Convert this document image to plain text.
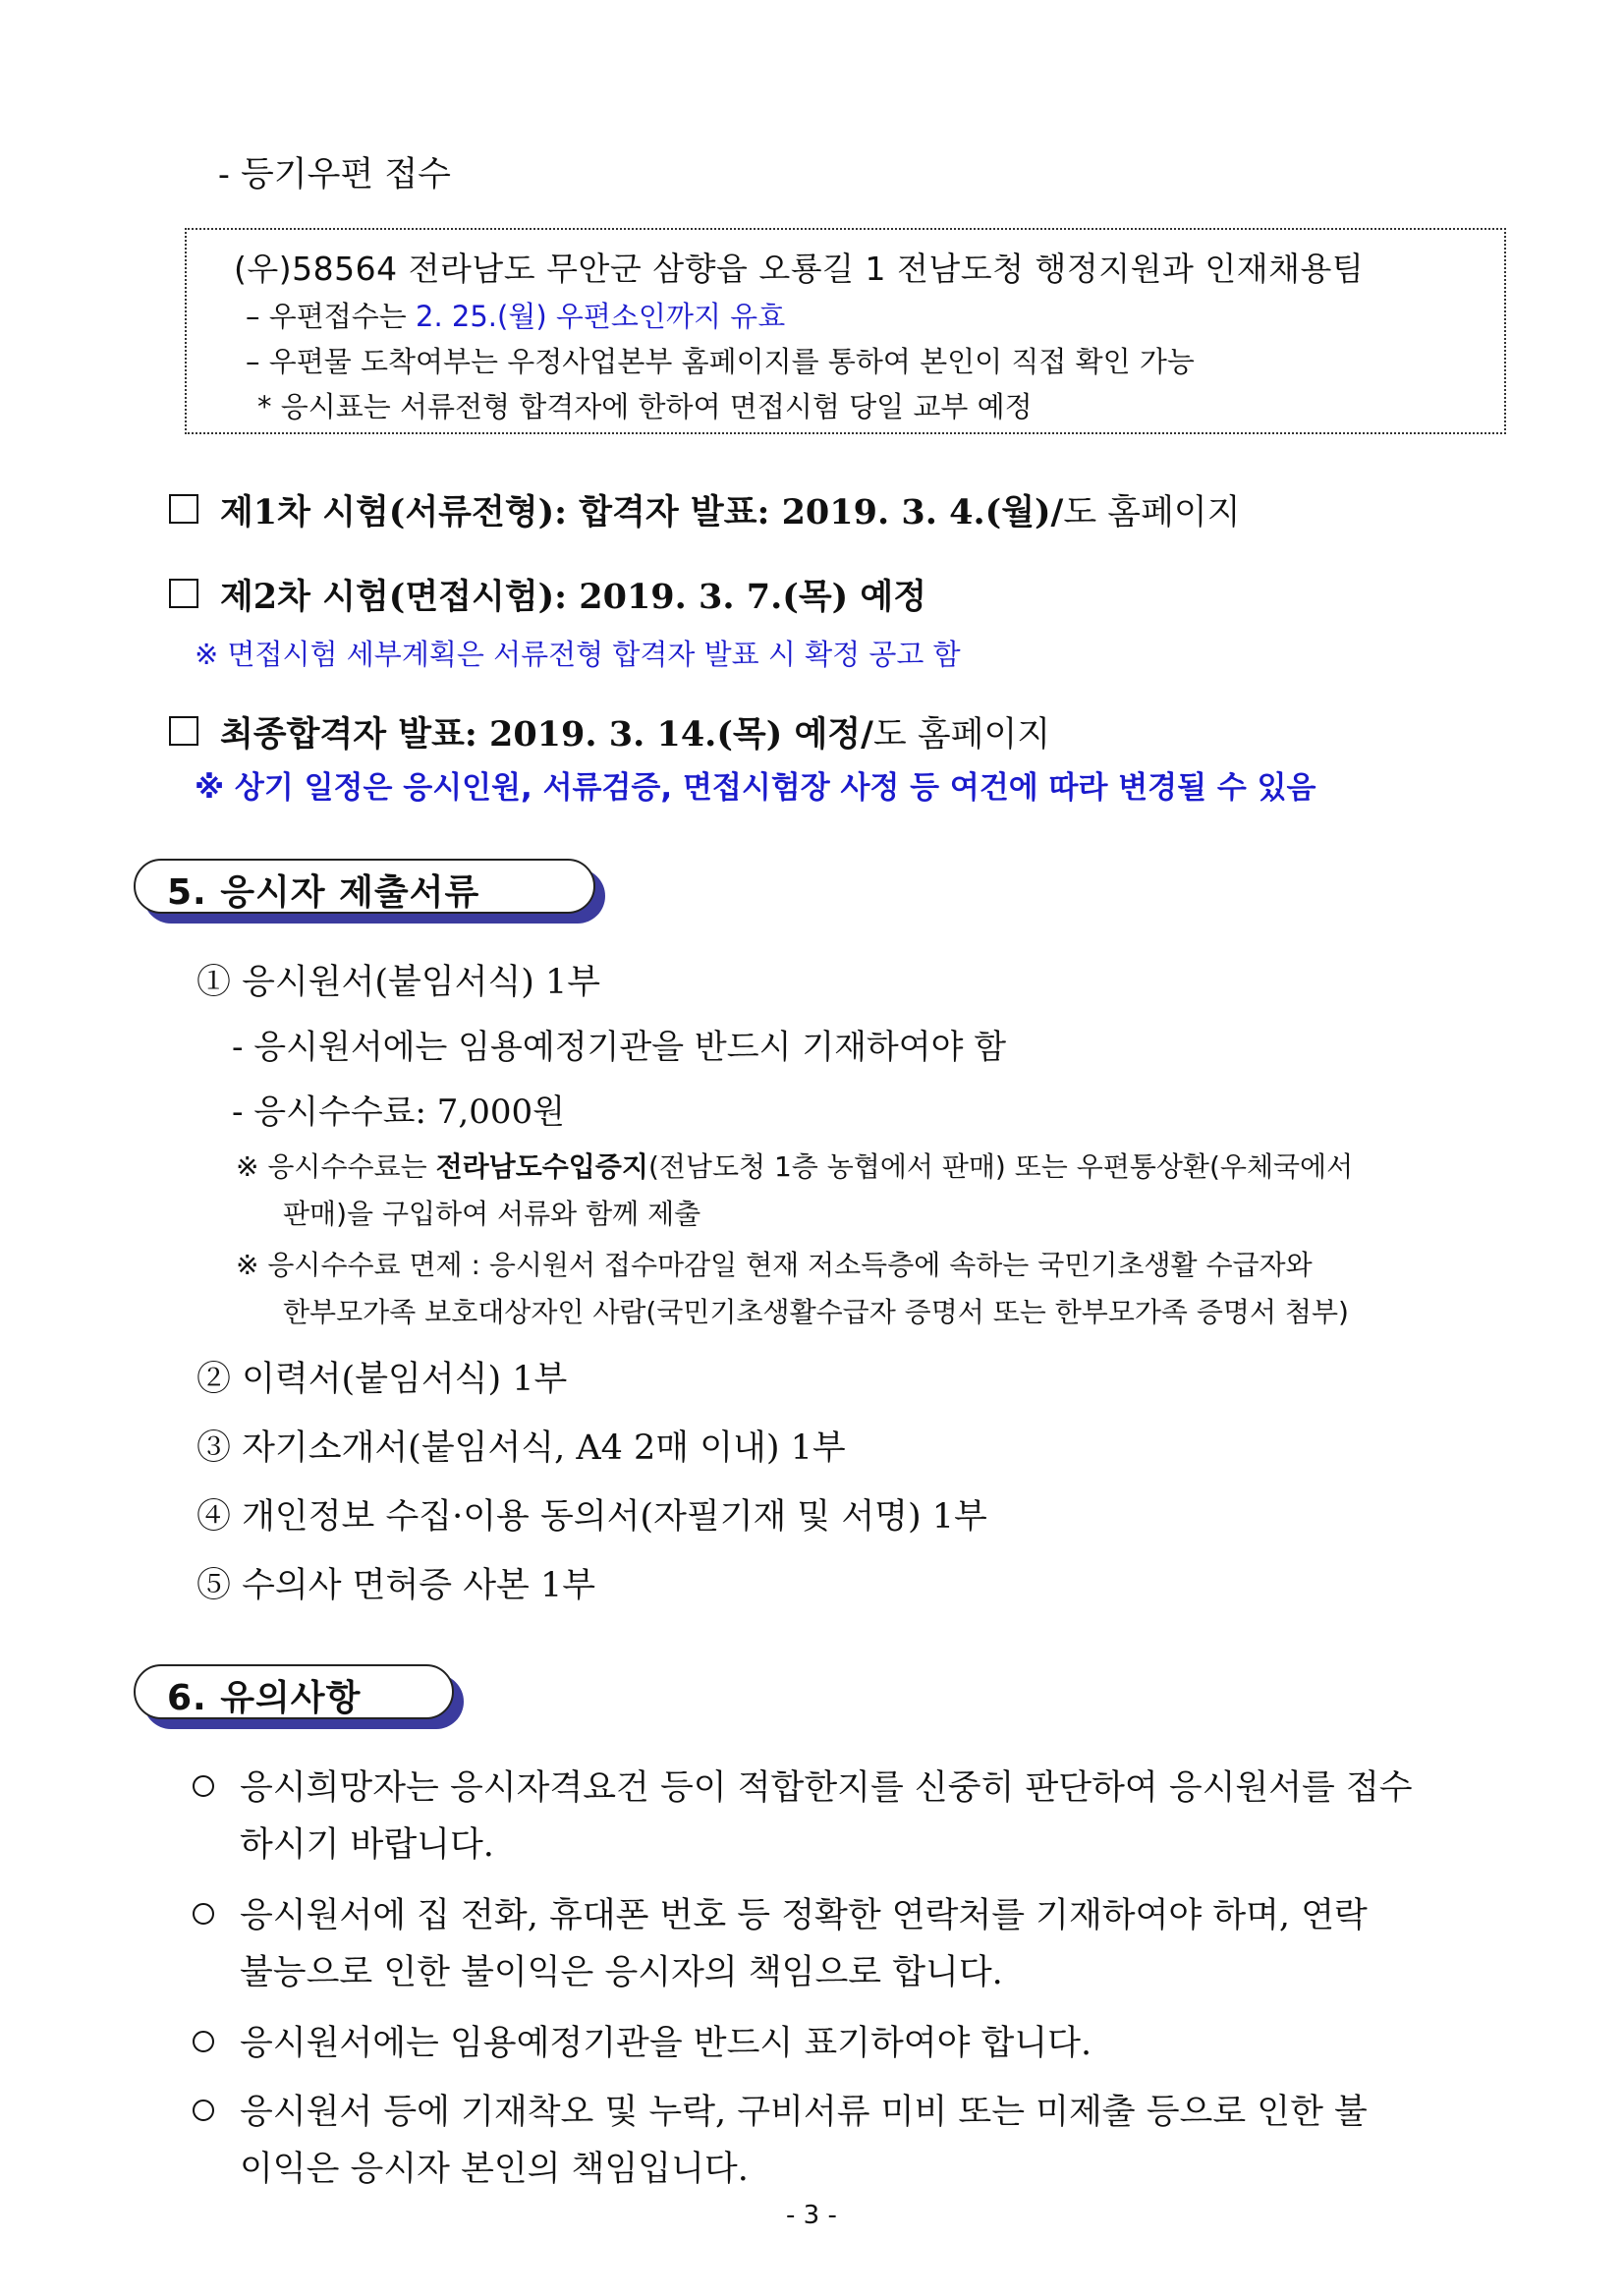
- 등기우편 접수
(우)58564 전라남도 무안군 삼향읍 오룡길 1 전남도청 행정지원과 인재채용팀
– 우편접수는 2. 25.(월) 우편소인까지 유효
– 우편물 도착여부는 우정사업본부 홈페이지를 통하여 본인이 직접 확인 가능
* 응시표는 서류전형 합격자에 한하여 면접시험 당일 교부 예정
제1차 시험(서류전형): 합격자 발표: 2019. 3. 4.(월)/도 홈페이지
제2차 시험(면접시험): 2019. 3. 7.(목) 예정
※ 면접시험 세부계획은 서류전형 합격자 발표 시 확정 공고 함
최종합격자 발표: 2019. 3. 14.(목) 예정/도 홈페이지
※ 상기 일정은 응시인원, 서류검증, 면접시험장 사정 등 여건에 따라 변경될 수 있음
5. 응시자 제출서류
① 응시원서(붙임서식) 1부
- 응시원서에는 임용예정기관을 반드시 기재하여야 함
- 응시수수료: 7,000원
※ 응시수수료는 전라남도수입증지(전남도청 1층 농협에서 판매) 또는 우편통상환(우체국에서
판매)을 구입하여 서류와 함께 제출
※ 응시수수료 면제 : 응시원서 접수마감일 현재 저소득층에 속하는 국민기초생활 수급자와
한부모가족 보호대상자인 사람(국민기초생활수급자 증명서 또는 한부모가족 증명서 첨부)
② 이력서(붙임서식) 1부
③ 자기소개서(붙임서식, A4 2매 이내) 1부
④ 개인정보 수집·이용 동의서(자필기재 및 서명) 1부
⑤ 수의사 면허증 사본 1부
6. 유의사항
응시희망자는 응시자격요건 등이 적합한지를 신중히 판단하여 응시원서를 접수
하시기 바랍니다.
응시원서에 집 전화, 휴대폰 번호 등 정확한 연락처를 기재하여야 하며, 연락
불능으로 인한 불이익은 응시자의 책임으로 합니다.
응시원서에는 임용예정기관을 반드시 표기하여야 합니다.
응시원서 등에 기재착오 및 누락, 구비서류 미비 또는 미제출 등으로 인한 불
이익은 응시자 본인의 책임입니다.
- 3 -
